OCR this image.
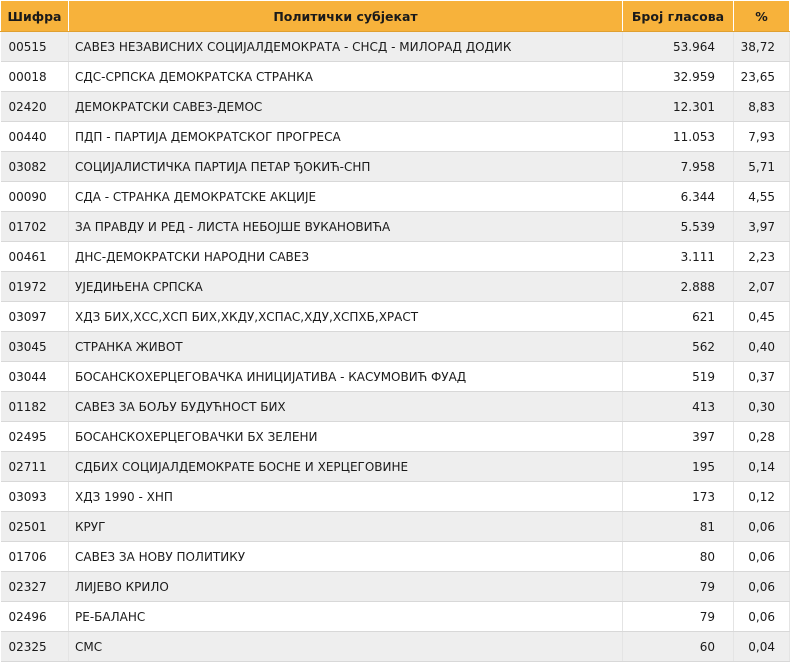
Шифра	Политички субјекат	Број гласова	%
00515	САВЕЗ НЕЗАВИСНИХ СОЦИЈАЛДЕМОКРАТА - СНСД - МИЛОРАД ДОДИК	53.964	38,72
00018	СДС-СРПСКА ДЕМОКРАТСКА СТРАНКА	32.959	23,65
02420	ДЕМОКРАТСКИ САВЕЗ-ДЕМОС	12.301	8,83
00440	ПДП - ПАРТИЈА ДЕМОКРАТСКОГ ПРОГРЕСА	11.053	7,93
03082	СОЦИЈАЛИСТИЧКА ПАРТИЈА ПЕТАР ЂОКИЋ-СНП	7.958	5,71
00090	СДА - СТРАНКА ДЕМОКРАТСКЕ АКЦИЈЕ	6.344	4,55
01702	ЗА ПРАВДУ И РЕД - ЛИСТА НЕБОЈШЕ ВУКАНОВИЋА	5.539	3,97
00461	ДНС-ДЕМОКРАТСКИ НАРОДНИ САВЕЗ	3.111	2,23
01972	УЈЕДИЊЕНА СРПСКА	2.888	2,07
03097	ХДЗ БИХ,ХСС,ХСП БИХ,ХКДУ,ХСПАС,ХДУ,ХСПХБ,ХРАСТ	621	0,45
03045	СТРАНКА ЖИВОТ	562	0,40
03044	БОСАНСКОХЕРЦЕГОВАЧКА ИНИЦИЈАТИВА - КАСУМОВИЋ ФУАД	519	0,37
01182	САВЕЗ ЗА БОЉУ БУДУЋНОСТ БИХ	413	0,30
02495	БОСАНСКОХЕРЦЕГОВАЧКИ БХ ЗЕЛЕНИ	397	0,28
02711	СДБИХ СОЦИЈАЛДЕМОКРАТЕ БОСНЕ И ХЕРЦЕГОВИНЕ	195	0,14
03093	ХДЗ 1990 - ХНП	173	0,12
02501	КРУГ	81	0,06
01706	САВЕЗ ЗА НОВУ ПОЛИТИКУ	80	0,06
02327	ЛИЈЕВО КРИЛО	79	0,06
02496	РЕ-БАЛАНС	79	0,06
02325	СМС	60	0,04
